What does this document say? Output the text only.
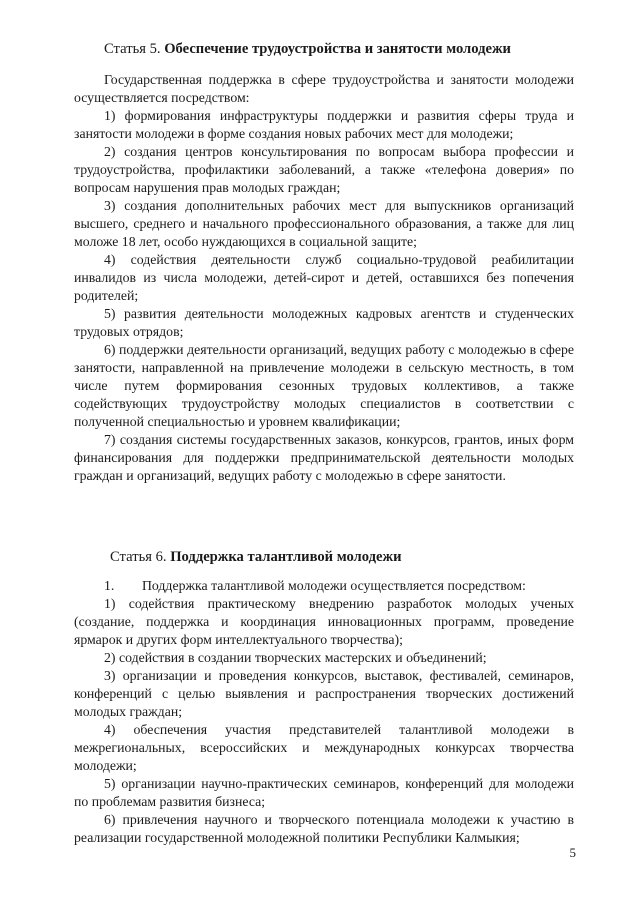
Статья 5. Обеспечение трудоустройства и занятости молодежи

Государственная поддержка в сфере трудоустройства и занятости молодежи осуществляется посредством:

1) формирования инфраструктуры поддержки и развития сферы труда и занятости молодежи в форме создания новых рабочих мест для молодежи;

2) создания центров консультирования по вопросам выбора профессии и трудоустройства, профилактики заболеваний, а также «телефона доверия» по вопросам нарушения прав молодых граждан;

3) создания дополнительных рабочих мест для выпускников организаций высшего, среднего и начального профессионального образования, а также для лиц моложе 18 лет, особо нуждающихся в социальной защите;

4) содействия деятельности служб социально-трудовой реабилитации инвалидов из числа молодежи, детей-сирот и детей, оставшихся без попечения родителей;

5) развития деятельности молодежных кадровых агентств и студенческих трудовых отрядов;

6) поддержки деятельности организаций, ведущих работу с молодежью в сфере занятости, направленной на привлечение молодежи в сельскую местность, в том числе путем формирования сезонных трудовых коллективов, а также содействующих трудоустройству молодых специалистов в соответствии с полученной специальностью и уровнем квалификации;

7) создания системы государственных заказов, конкурсов, грантов, иных форм финансирования для поддержки предпринимательской деятельности молодых граждан и организаций, ведущих работу с молодежью в сфере занятости.

Статья 6. Поддержка талантливой молодежи

1.        Поддержка талантливой молодежи осуществляется посредством:

1) содействия практическому внедрению разработок молодых ученых (создание, поддержка и координация инновационных программ, проведение ярмарок и других форм интеллектуального творчества);

2) содействия в создании творческих мастерских и объединений;

3) организации и проведения конкурсов, выставок, фестивалей, семинаров, конференций с целью выявления и распространения творческих достижений молодых граждан;

4) обеспечения участия представителей талантливой молодежи в межрегиональных, всероссийских и международных конкурсах творчества молодежи;

5) организации научно-практических семинаров, конференций для молодежи по проблемам развития бизнеса;

6) привлечения научного и творческого потенциала молодежи к участию в реализации государственной молодежной политики Республики Калмыкия;

5
